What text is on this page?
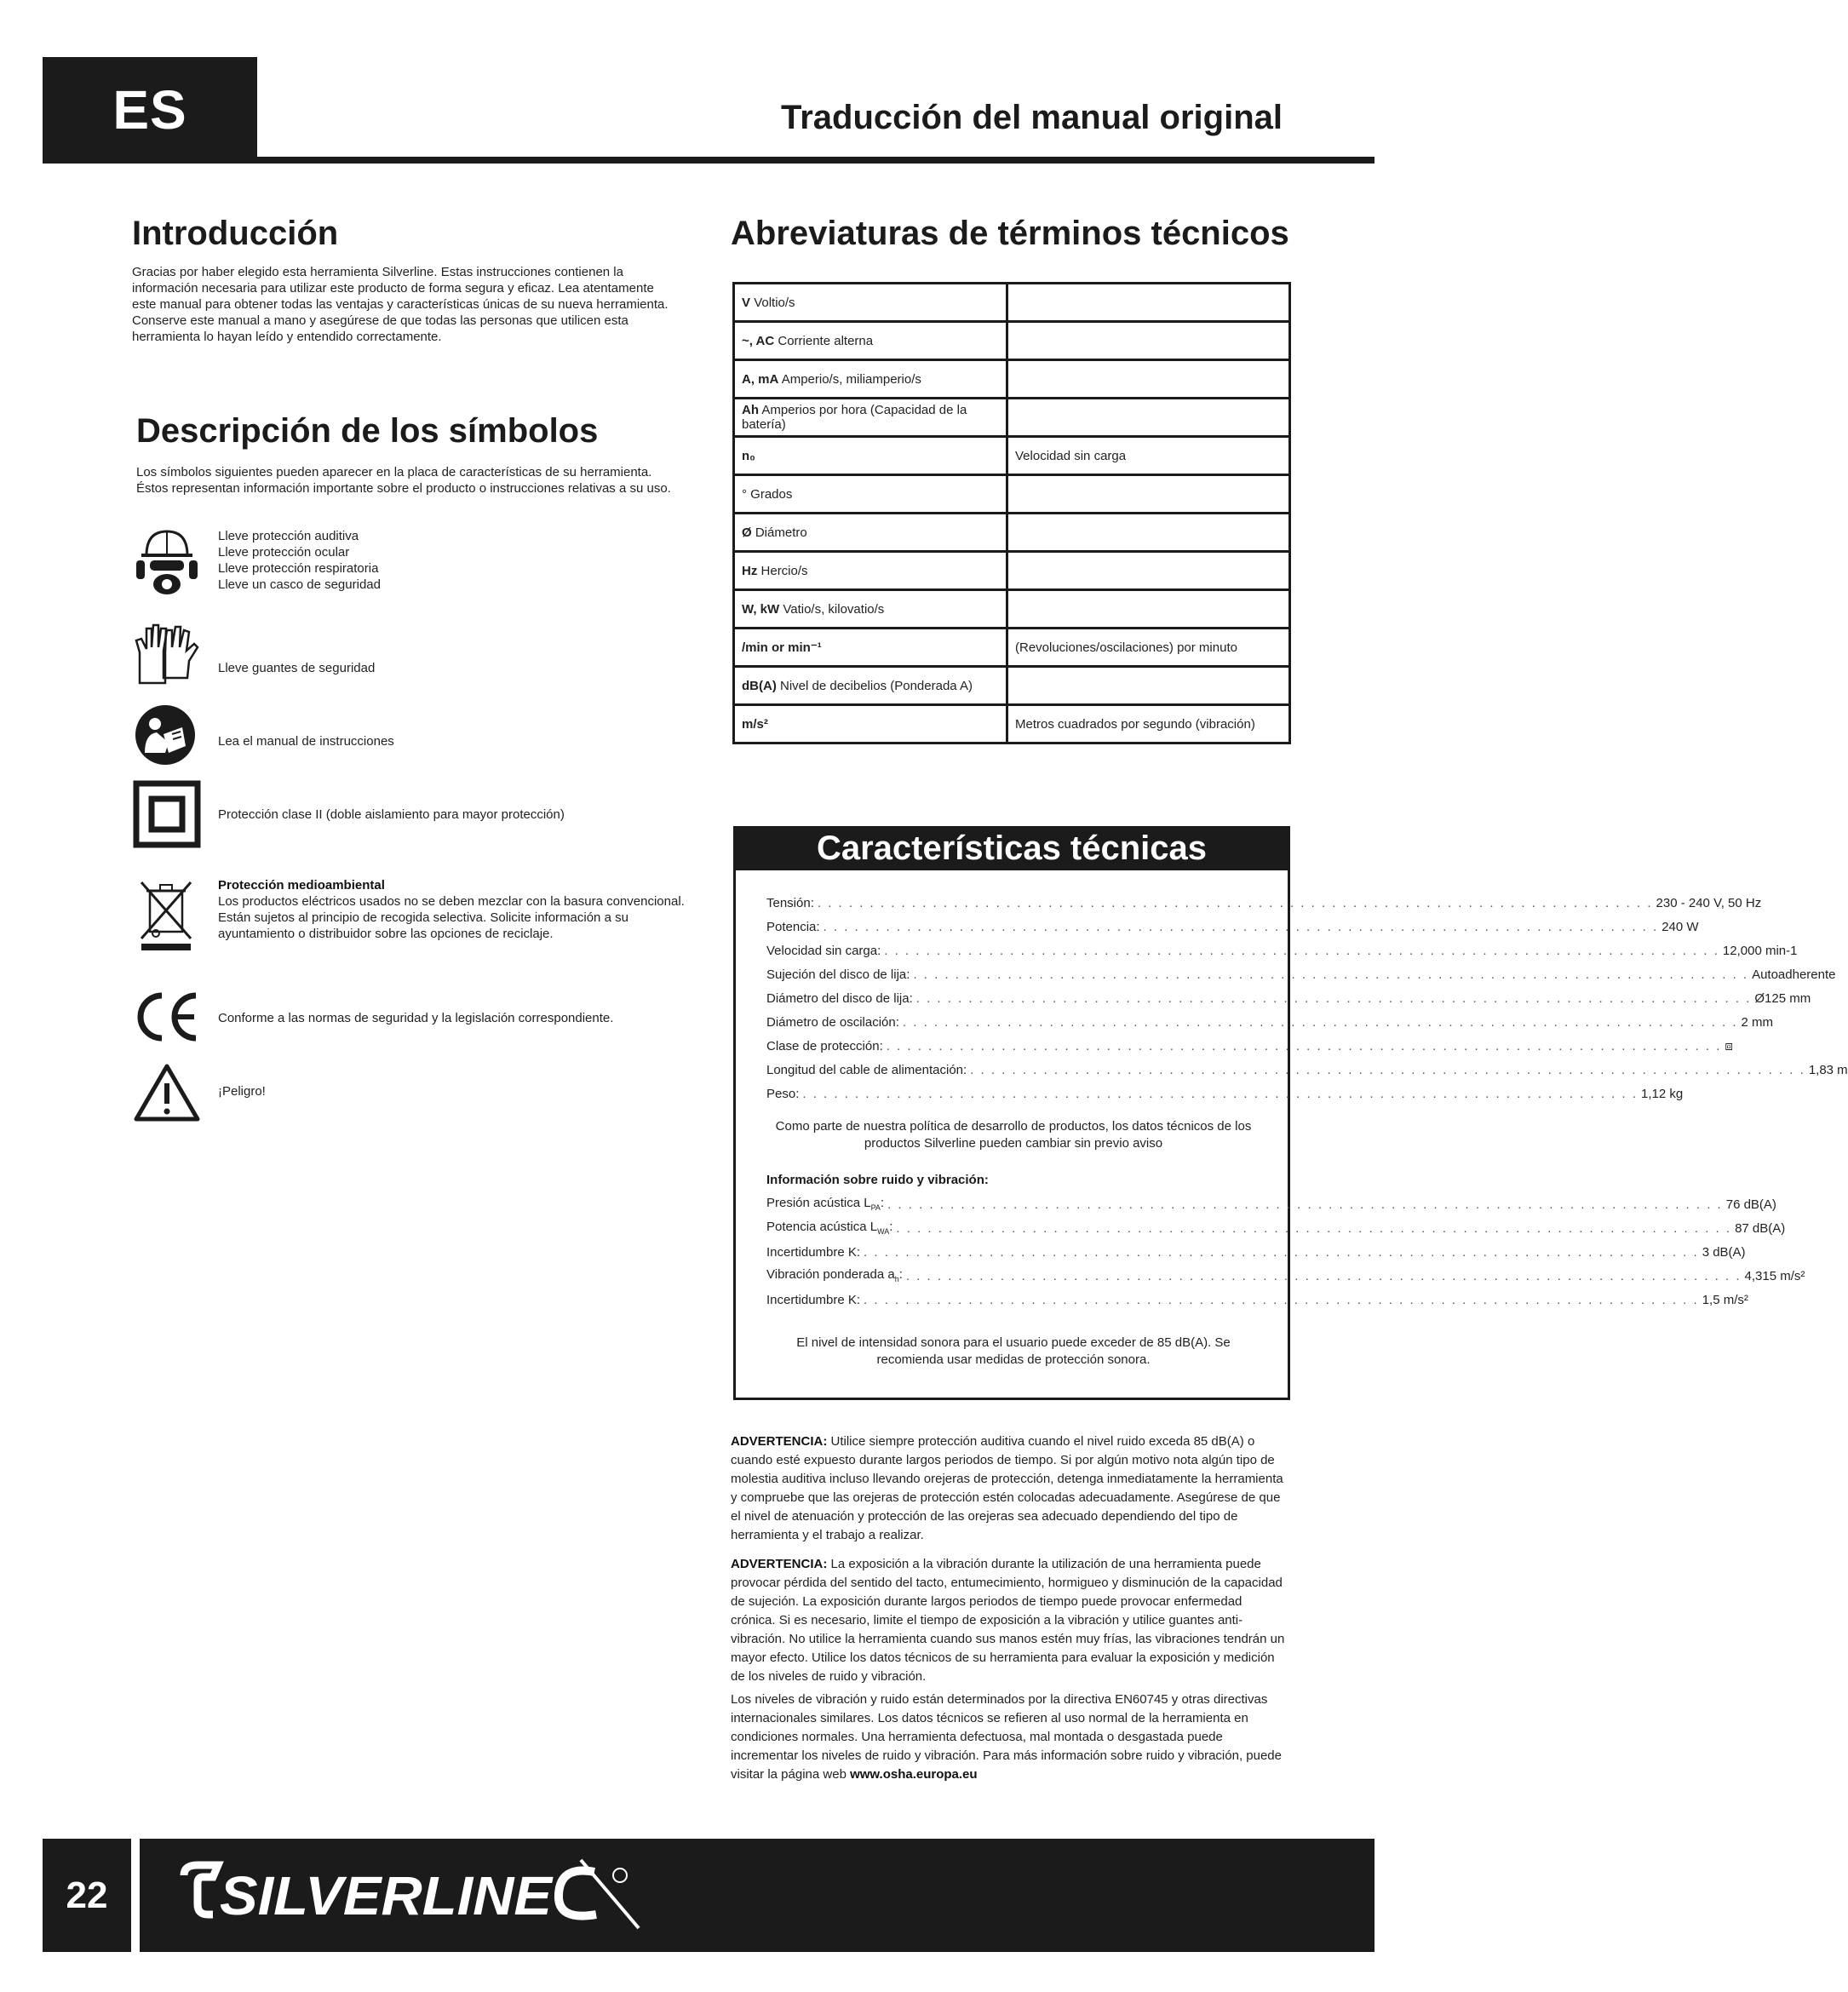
ES	Traducción del manual original
Introducción
Gracias por haber elegido esta herramienta Silverline. Estas instrucciones contienen la información necesaria para utilizar este producto de forma segura y eficaz. Lea atentamente este manual para obtener todas las ventajas y características únicas de su nueva herramienta. Conserve este manual a mano y asegúrese de que todas las personas que utilicen esta herramienta lo hayan leído y entendido correctamente.
Descripción de los símbolos
Los símbolos siguientes pueden aparecer en la placa de características de su herramienta. Éstos representan información importante sobre el producto o instrucciones relativas a su uso.
Lleve protección auditiva
Lleve protección ocular
Lleve protección respiratoria
Lleve un casco de seguridad
Lleve guantes de seguridad
Lea el manual de instrucciones
Protección clase II (doble aislamiento para mayor protección)
Protección medioambiental
Los productos eléctricos usados no se deben mezclar con la basura convencional.
Están sujetos al principio de recogida selectiva. Solicite información a su
ayuntamiento o distribuidor sobre las opciones de reciclaje.
Conforme a las normas de seguridad y la legislación correspondiente.
¡Peligro!
Abreviaturas de términos técnicos
V Voltio/s	
~, AC Corriente alterna	
A, mA Amperio/s, miliamperio/s	
Ah Amperios por hora (Capacidad de la batería)	
n₀	Velocidad sin carga
° Grados	
Ø Diámetro	
Hz Hercio/s	
W, kW Vatio/s, kilovatio/s	
/min or min⁻¹	(Revoluciones/oscilaciones) por minuto
dB(A) Nivel de decibelios (Ponderada A)	
m/s²	Metros cuadrados por segundo (vibración)
Características técnicas
Tensión: . . . . . . . . . . . . . . . . . . . . . . . . . . . . . . . . . . . . . . . . . . . . . . . . . . . . . . . . . . . . . . . . . . . . . . . . . . . . . . . . 230 - 240 V, 50 Hz
Potencia: . . . . . . . . . . . . . . . . . . . . . . . . . . . . . . . . . . . . . . . . . . . . . . . . . . . . . . . . . . . . . . . . . . . . . . . . . . . . . . . . 240 W
Velocidad sin carga: . . . . . . . . . . . . . . . . . . . . . . . . . . . . . . . . . . . . . . . . . . . . . . . . . . . . . . . . . . . . . . . . . . . . . . . . . . . . . . . . 12,000 min-1
Sujeción del disco de lija: . . . . . . . . . . . . . . . . . . . . . . . . . . . . . . . . . . . . . . . . . . . . . . . . . . . . . . . . . . . . . . . . . . . . . . . . . . . . . . . . Autoadherente
Diámetro del disco de lija: . . . . . . . . . . . . . . . . . . . . . . . . . . . . . . . . . . . . . . . . . . . . . . . . . . . . . . . . . . . . . . . . . . . . . . . . . . . . . . . . Ø125 mm
Diámetro de oscilación: . . . . . . . . . . . . . . . . . . . . . . . . . . . . . . . . . . . . . . . . . . . . . . . . . . . . . . . . . . . . . . . . . . . . . . . . . . . . . . . . 2 mm
Clase de protección: . . . . . . . . . . . . . . . . . . . . . . . . . . . . . . . . . . . . . . . . . . . . . . . . . . . . . . . . . . . . . . . . . . . . . . . . . . . . . . . . ⧈
Longitud del cable de alimentación: . . . . . . . . . . . . . . . . . . . . . . . . . . . . . . . . . . . . . . . . . . . . . . . . . . . . . . . . . . . . . . . . . . . . . . . . . . . . . . . . 1,83 m
Peso: . . . . . . . . . . . . . . . . . . . . . . . . . . . . . . . . . . . . . . . . . . . . . . . . . . . . . . . . . . . . . . . . . . . . . . . . . . . . . . . . 1,12 kg
Como parte de nuestra política de desarrollo de productos, los datos técnicos de los productos Silverline pueden cambiar sin previo aviso
Información sobre ruido y vibración:
Presión acústica $L_{PA}$: . . . . . . . . . . . . . . . . . . . . . . . . . . . . . . . . . . . . . . . . . . . . . . . . . . . . . . . . . . . . . . . . . . . . . . . . . . . . . . . . 76 dB(A)
Potencia acústica $L_{WA}$: . . . . . . . . . . . . . . . . . . . . . . . . . . . . . . . . . . . . . . . . . . . . . . . . . . . . . . . . . . . . . . . . . . . . . . . . . . . . . . . . 87 dB(A)
Incertidumbre K: . . . . . . . . . . . . . . . . . . . . . . . . . . . . . . . . . . . . . . . . . . . . . . . . . . . . . . . . . . . . . . . . . . . . . . . . . . . . . . . . 3 dB(A)
Vibración ponderada $a_h$: . . . . . . . . . . . . . . . . . . . . . . . . . . . . . . . . . . . . . . . . . . . . . . . . . . . . . . . . . . . . . . . . . . . . . . . . . . . . . . . . 4,315 m/s²
Incertidumbre K: . . . . . . . . . . . . . . . . . . . . . . . . . . . . . . . . . . . . . . . . . . . . . . . . . . . . . . . . . . . . . . . . . . . . . . . . . . . . . . . . 1,5 m/s²
El nivel de intensidad sonora para el usuario puede exceder de 85 dB(A). Se recomienda usar medidas de protección sonora.
ADVERTENCIA: Utilice siempre protección auditiva cuando el nivel ruido exceda 85 dB(A) o cuando esté expuesto durante largos periodos de tiempo. Si por algún motivo nota algún tipo de molestia auditiva incluso llevando orejeras de protección, detenga inmediatamente la herramienta y compruebe que las orejeras de protección estén colocadas adecuadamente. Asegúrese de que el nivel de atenuación y protección de las orejeras sea adecuado dependiendo del tipo de herramienta y el trabajo a realizar.
ADVERTENCIA: La exposición a la vibración durante la utilización de una herramienta puede provocar pérdida del sentido del tacto, entumecimiento, hormigueo y disminución de la capacidad de sujeción. La exposición durante largos periodos de tiempo puede provocar enfermedad crónica. Si es necesario, limite el tiempo de exposición a la vibración y utilice guantes anti-vibración. No utilice la herramienta cuando sus manos estén muy frías, las vibraciones tendrán un mayor efecto. Utilice los datos técnicos de su herramienta para evaluar la exposición y medición de los niveles de ruido y vibración.
Los niveles de vibración y ruido están determinados por la directiva EN60745 y otras directivas internacionales similares. Los datos técnicos se refieren al uso normal de la herramienta en condiciones normales. Una herramienta defectuosa, mal montada o desgastada puede incrementar los niveles de ruido y vibración. Para más información sobre ruido y vibración, puede visitar la página web www.osha.europa.eu
22	SILVERLINE
